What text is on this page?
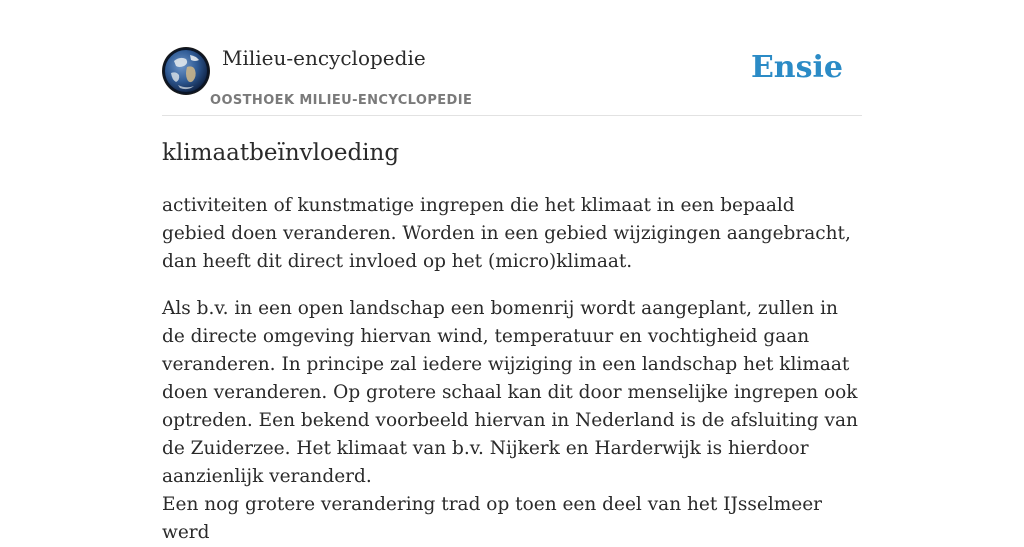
Milieu-encyclopedie
OOSTHOEK MILIEU-ENCYCLOPEDIE
Ensie
klimaatbeïnvloeding

activiteiten of kunstmatige ingrepen die het klimaat in een bepaald gebied doen veranderen. Worden in een gebied wijzigingen aangebracht, dan heeft dit direct invloed op het (micro)klimaat.

Als b.v. in een open landschap een bomenrij wordt aangeplant, zullen in de directe omgeving hiervan wind, temperatuur en vochtigheid gaan veranderen. In principe zal iedere wijziging in een landschap het klimaat doen veranderen. Op grotere schaal kan dit door menselijke ingrepen ook optreden. Een bekend voorbeeld hiervan in Nederland is de afsluiting van de Zuiderzee. Het klimaat van b.v. Nijkerk en Harderwijk is hierdoor aanzienlijk veranderd.

Een nog grotere verandering trad op toen een deel van het IJsselmeer werd
